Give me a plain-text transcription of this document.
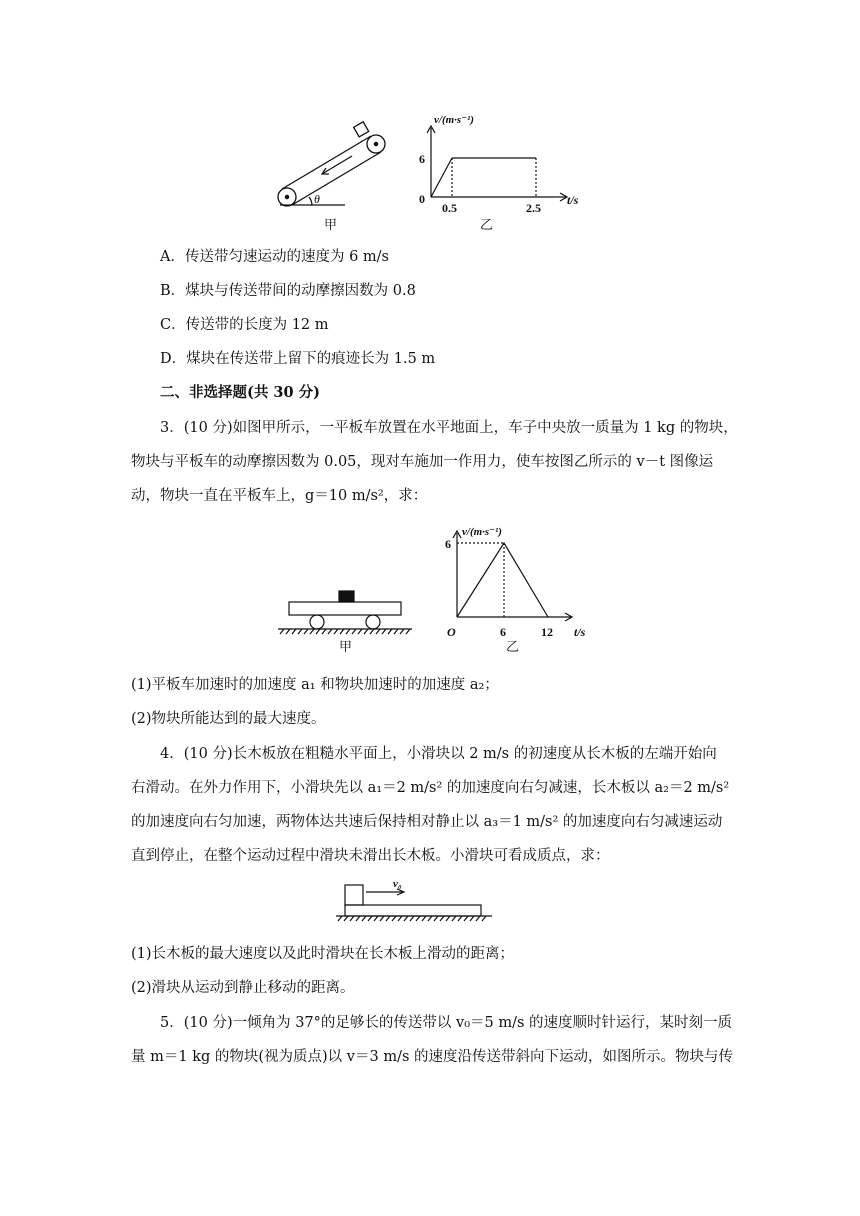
θ
甲
v/(m·s⁻¹)
t/s
6
0
0.5	2.5
乙
A．传送带匀速运动的速度为 6 m/s
B．煤块与传送带间的动摩擦因数为 0.8
C．传送带的长度为 12 m
D．煤块在传送带上留下的痕迹长为 1.5 m
二、非选择题(共 30 分)
3．(10 分)如图甲所示，一平板车放置在水平地面上，车子中央放一质量为 1 kg 的物块，
物块与平板车的动摩擦因数为 0.05，现对车施加一作用力，使车按图乙所示的 v－t 图像运
动，物块一直在平板车上，g＝10 m/s²，求：
甲
v/(m·s⁻¹)
t/s
6
O	6	12
乙
(1)平板车加速时的加速度 a₁ 和物块加速时的加速度 a₂；
(2)物块所能达到的最大速度。
4．(10 分)长木板放在粗糙水平面上，小滑块以 2 m/s 的初速度从长木板的左端开始向
右滑动。在外力作用下，小滑块先以 a₁＝2 m/s² 的加速度向右匀减速，长木板以 a₂＝2 m/s²
的加速度向右匀加速，两物体达共速后保持相对静止以 a₃＝1 m/s² 的加速度向右匀减速运动
直到停止，在整个运动过程中滑块未滑出长木板。小滑块可看成质点，求：
v₀
(1)长木板的最大速度以及此时滑块在长木板上滑动的距离；
(2)滑块从运动到静止移动的距离。
5．(10 分)一倾角为 37°的足够长的传送带以 v₀＝5 m/s 的速度顺时针运行，某时刻一质
量 m＝1 kg 的物块(视为质点)以 v＝3 m/s 的速度沿传送带斜向下运动，如图所示。物块与传
